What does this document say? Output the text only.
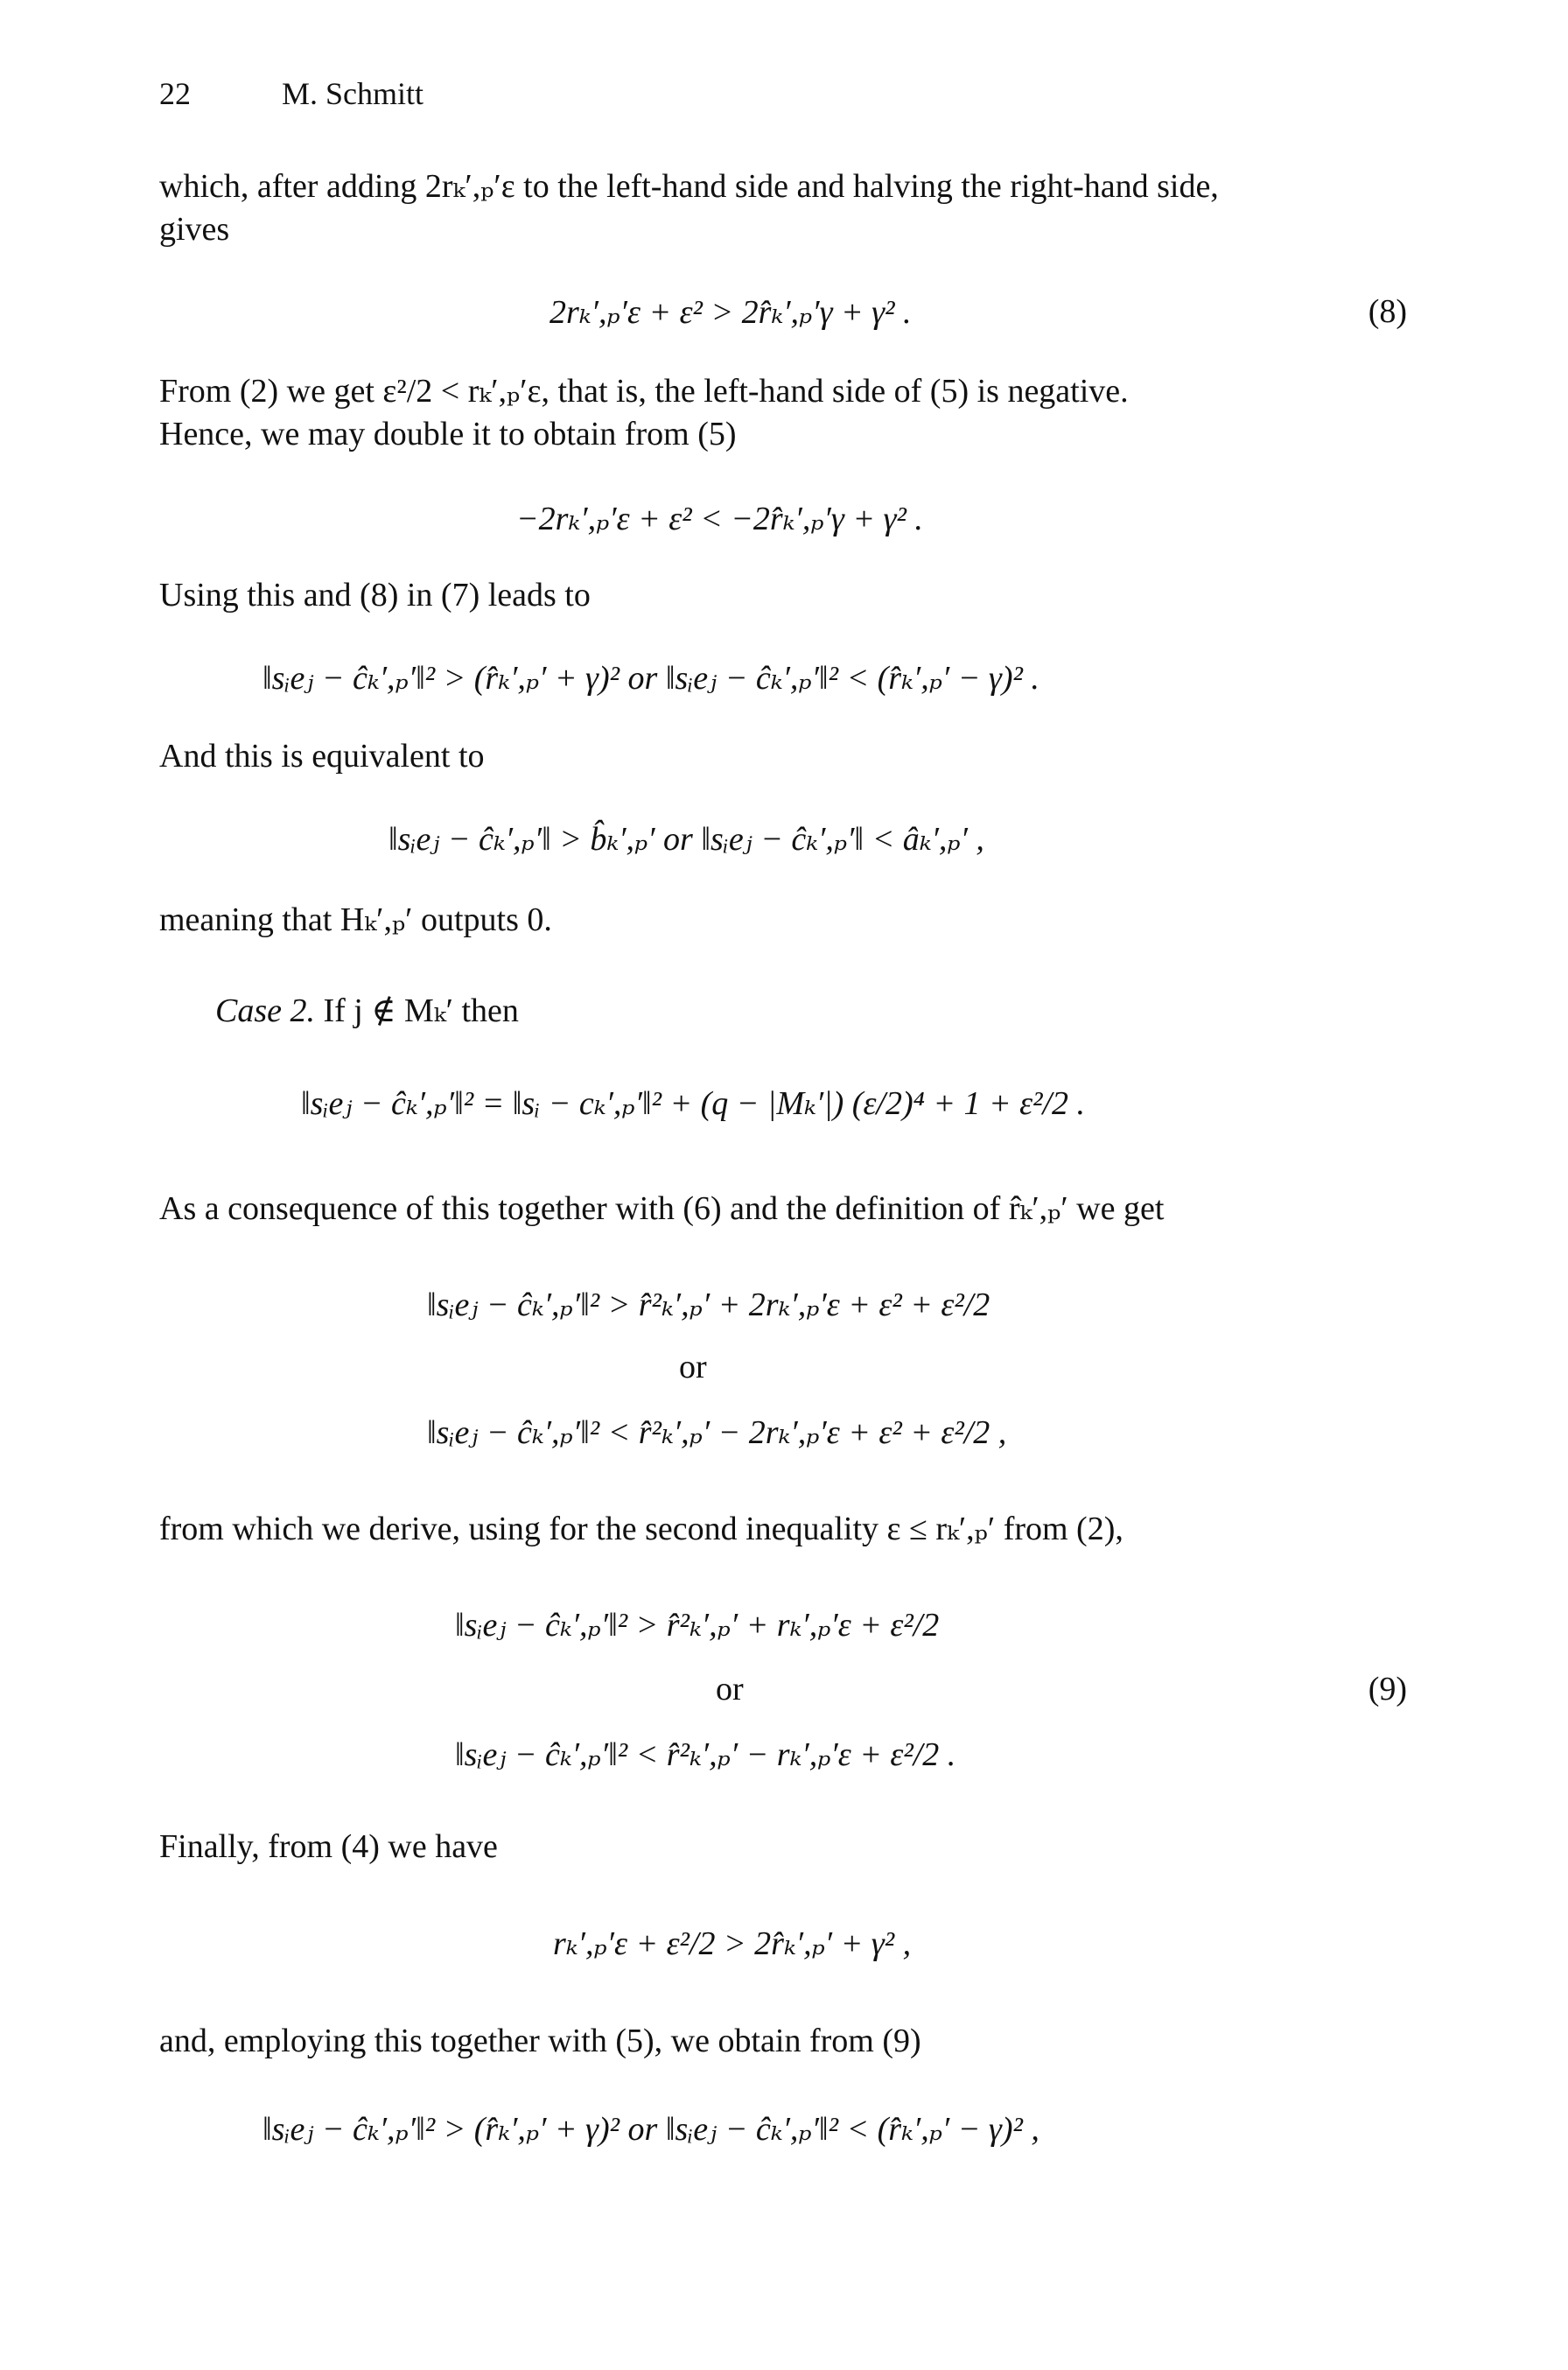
22	M. Schmitt
which, after adding 2rₖ′,ₚ′ε to the left-hand side and halving the right-hand side,
gives
2rₖ′,ₚ′ε + ε² > 2r̂ₖ′,ₚ′γ + γ² .	(8)
From (2) we get ε²/2 < rₖ′,ₚ′ε, that is, the left-hand side of (5) is negative.
Hence, we may double it to obtain from (5)
−2rₖ′,ₚ′ε + ε² < −2r̂ₖ′,ₚ′γ + γ² .
Using this and (8) in (7) leads to
‖sᵢeⱼ − ĉₖ′,ₚ′‖² > (r̂ₖ′,ₚ′ + γ)² or ‖sᵢeⱼ − ĉₖ′,ₚ′‖² < (r̂ₖ′,ₚ′ − γ)² .
And this is equivalent to
‖sᵢeⱼ − ĉₖ′,ₚ′‖ > b̂ₖ′,ₚ′ or ‖sᵢeⱼ − ĉₖ′,ₚ′‖ < âₖ′,ₚ′ ,
meaning that Hₖ′,ₚ′ outputs 0.
Case 2. If j ∉ Mₖ′ then
‖sᵢeⱼ − ĉₖ′,ₚ′‖² = ‖sᵢ − cₖ′,ₚ′‖² + (q − |Mₖ′|) (ε/2)⁴ + 1 + ε²/2 .
As a consequence of this together with (6) and the definition of r̂ₖ′,ₚ′ we get
‖sᵢeⱼ − ĉₖ′,ₚ′‖² > r̂²ₖ′,ₚ′ + 2rₖ′,ₚ′ε + ε² + ε²/2
or
‖sᵢeⱼ − ĉₖ′,ₚ′‖² < r̂²ₖ′,ₚ′ − 2rₖ′,ₚ′ε + ε² + ε²/2 ,
from which we derive, using for the second inequality ε ≤ rₖ′,ₚ′ from (2),
‖sᵢeⱼ − ĉₖ′,ₚ′‖² > r̂²ₖ′,ₚ′ + rₖ′,ₚ′ε + ε²/2
or	(9)
‖sᵢeⱼ − ĉₖ′,ₚ′‖² < r̂²ₖ′,ₚ′ − rₖ′,ₚ′ε + ε²/2 .
Finally, from (4) we have
rₖ′,ₚ′ε + ε²/2 > 2r̂ₖ′,ₚ′ + γ² ,
and, employing this together with (5), we obtain from (9)
‖sᵢeⱼ − ĉₖ′,ₚ′‖² > (r̂ₖ′,ₚ′ + γ)² or ‖sᵢeⱼ − ĉₖ′,ₚ′‖² < (r̂ₖ′,ₚ′ − γ)² ,
